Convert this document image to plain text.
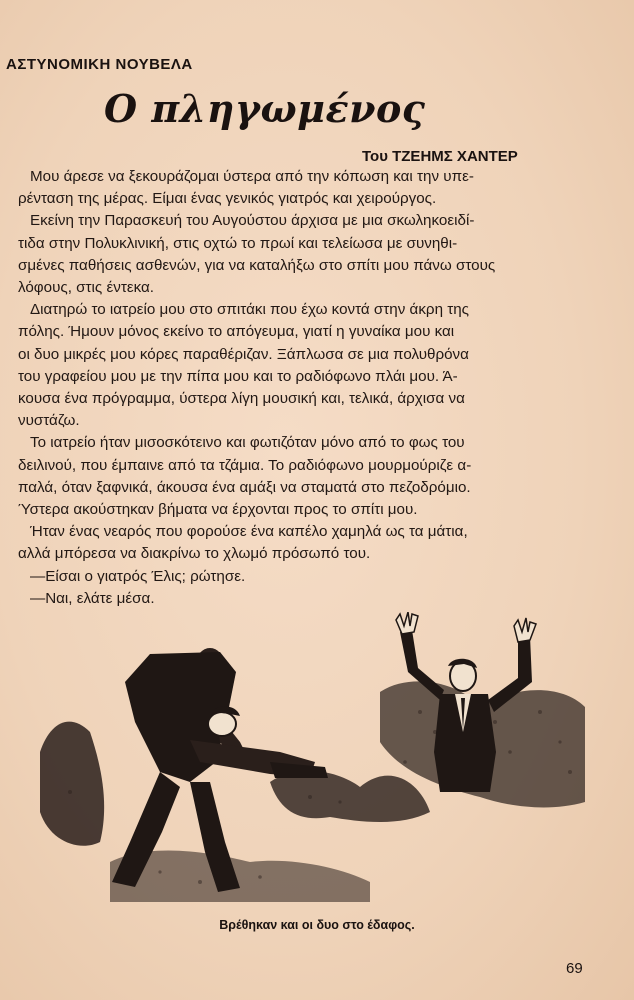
ΑΣΤΥΝΟΜΙΚΗ ΝΟΥΒΕΛΑ
Ο πληγωμένος
Του ΤΖΕΗΜΣ ΧΑΝΤΕΡ
Μου άρεσε να ξεκουράζομαι ύστερα από την κόπωση και την υπε-
ρένταση της μέρας. Είμαι ένας γενικός γιατρός και χειρούργος.
Εκείνη την Παρασκευή του Αυγούστου άρχισα με μια σκωληκοειδί-
τιδα στην Πολυκλινική, στις οχτώ το πρωί και τελείωσα με συνηθι-
σμένες παθήσεις ασθενών, για να καταλήξω στο σπίτι μου πάνω στους
λόφους, στις έντεκα.
Διατηρώ το ιατρείο μου στο σπιτάκι που έχω κοντά στην άκρη της
πόλης. Ήμουν μόνος εκείνο το απόγευμα, γιατί η γυναίκα μου και
οι δυο μικρές μου κόρες παραθέριζαν. Ξάπλωσα σε μια πολυθρόνα
του γραφείου μου με την πίπα μου και το ραδιόφωνο πλάι μου. Ά-
κουσα ένα πρόγραμμα, ύστερα λίγη μουσική και, τελικά, άρχισα να
νυστάζω.
Το ιατρείο ήταν μισοσκότεινο και φωτιζόταν μόνο από το φως του
δειλινού, που έμπαινε από τα τζάμια. Το ραδιόφωνο μουρμούριζε α-
παλά, όταν ξαφνικά, άκουσα ένα αμάξι να σταματά στο πεζοδρόμιο.
Ύστερα ακούστηκαν βήματα να έρχονται προς το σπίτι μου.
Ήταν ένας νεαρός που φορούσε ένα καπέλο χαμηλά ως τα μάτια,
αλλά μπόρεσα να διακρίνω το χλωμό πρόσωπό του.
—Είσαι ο γιατρός Έλις; ρώτησε.
—Ναι, ελάτε μέσα.
Βρέθηκαν και οι δυο στο έδαφος.
69
